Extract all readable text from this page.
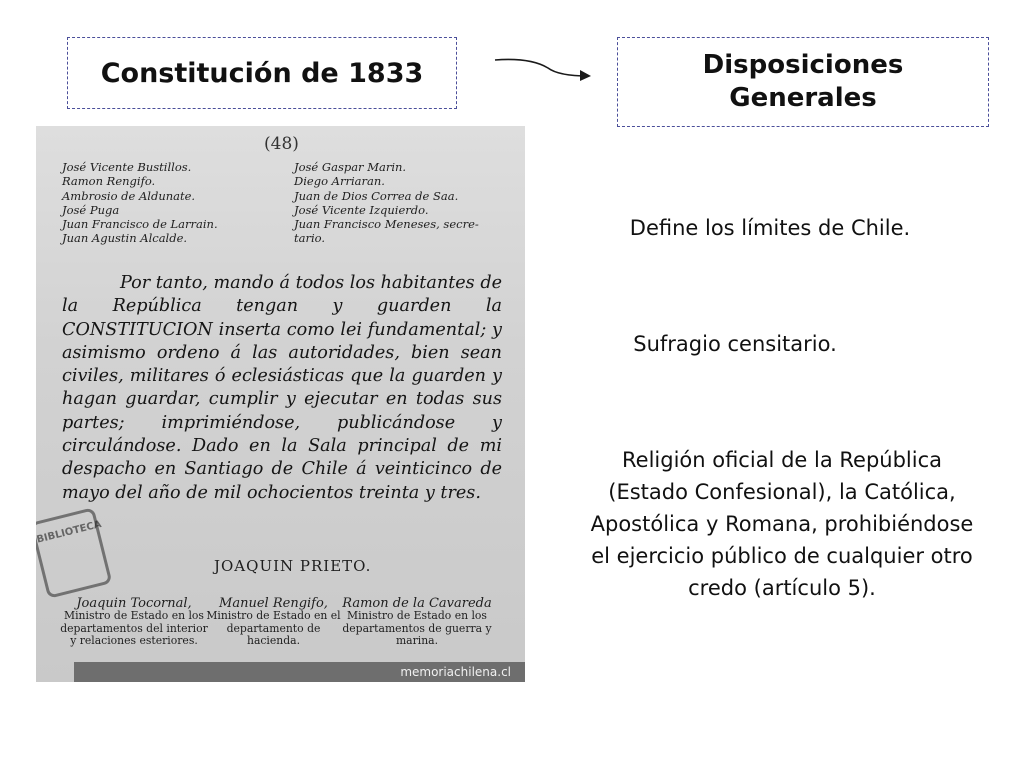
Constitución de 1833	Disposiciones Generales
(48)
José Vicente Bustillos.
Ramon Rengifo.
Ambrosio de Aldunate.
José Puga
Juan Francisco de Larrain.
Juan Agustin Alcalde.
José Gaspar Marin.
Diego Arriaran.
Juan de Dios Correa de Saa.
José Vicente Izquierdo.
Juan Francisco Meneses, secre-
tario.

Por tanto, mando á todos los habitantes de la República tengan y guarden la CONSTITUCION inserta como lei fundamental; y asimismo ordeno á las autoridades, bien sean civiles, militares ó eclesiásticas que la guarden y hagan guardar, cumplir y ejecutar en todas sus partes; imprimiéndose, publicándose y circulándose. Dado en la Sala principal de mi despacho en Santiago de Chile á veinticinco de mayo del año de mil ochocientos treinta y tres.

BIBLIOTECA
JOAQUIN PRIETO.
Joaquin Tocornal,
Ministro de Estado en los departamentos del interior y relaciones esteriores.
Manuel Rengifo,
Ministro de Estado en el departamento de hacienda.
Ramon de la Cavareda
Ministro de Estado en los departamentos de guerra y marina.
memoriachilena.cl
Define los límites de Chile.
Sufragio censitario.
Religión oficial de la República (Estado Confesional), la Católica, Apostólica y Romana, prohibiéndose el ejercicio público de cualquier otro credo (artículo 5).
